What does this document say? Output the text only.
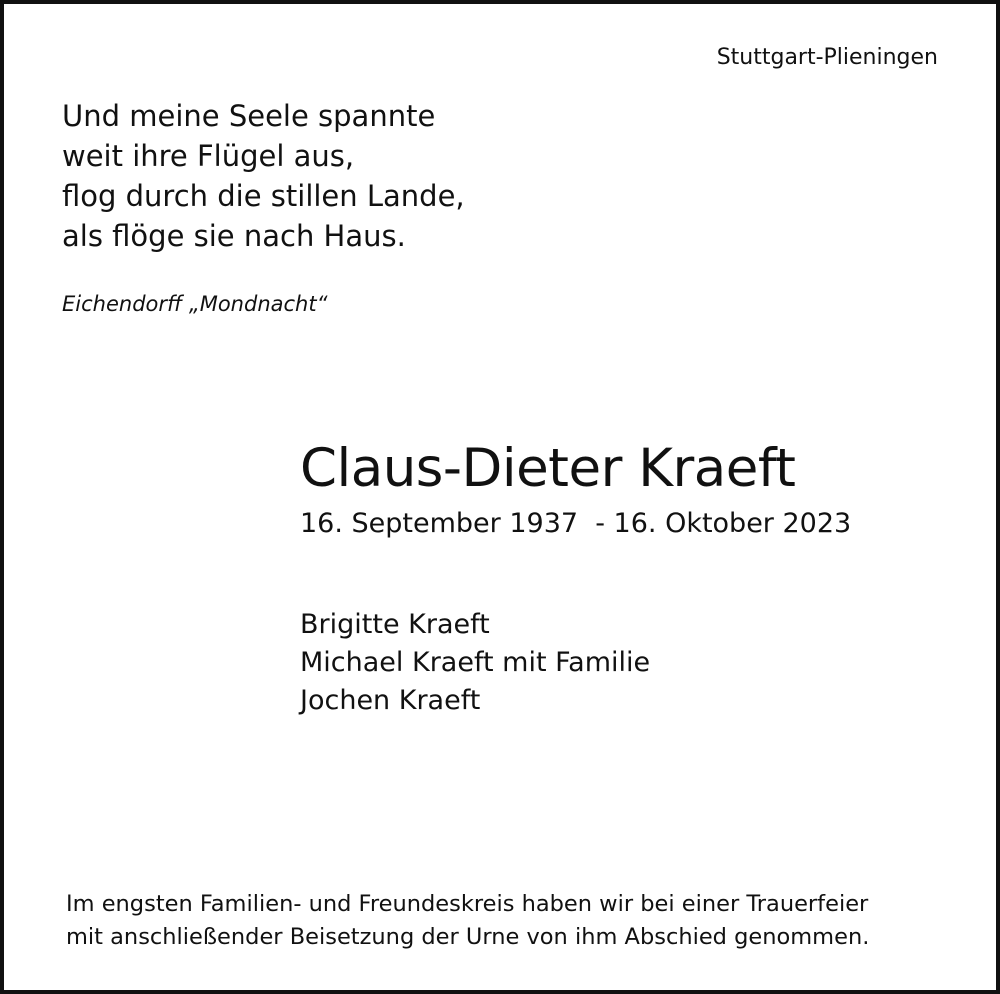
Stuttgart-Plieningen

Und meine Seele spannte
weit ihre Flügel aus,
flog durch die stillen Lande,
als flöge sie nach Haus.

Eichendorff „Mondnacht“

Claus-Dieter Kraeft
16. September 1937  - 16. Oktober 2023
Brigitte Kraeft
Michael Kraeft mit Familie
Jochen Kraeft
Im engsten Familien- und Freundeskreis haben wir bei einer Trauerfeier
mit anschließender Beisetzung der Urne von ihm Abschied genommen.
